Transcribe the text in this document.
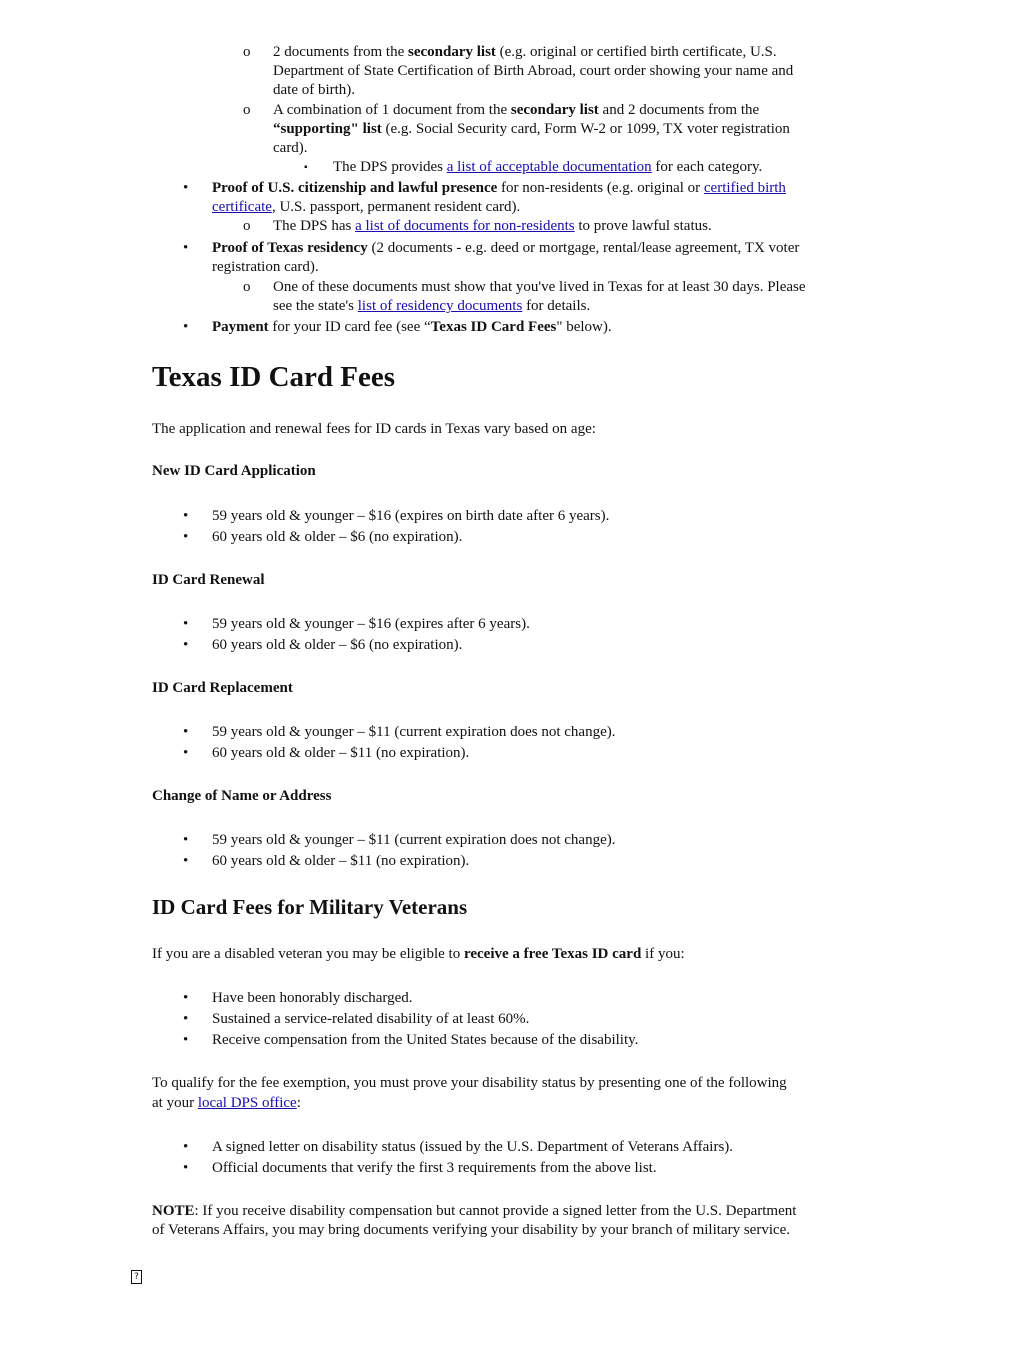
o 2 documents from the secondary list (e.g. original or certified birth certificate, U.S.
Department of State Certification of Birth Abroad, court order showing your name and
date of birth).
o A combination of 1 document from the secondary list and 2 documents from the
“supporting" list (e.g. Social Security card, Form W-2 or 1099, TX voter registration
card).
▪ The DPS provides a list of acceptable documentation for each category.
• Proof of U.S. citizenship and lawful presence for non-residents (e.g. original or certified birth
certificate, U.S. passport, permanent resident card).
o The DPS has a list of documents for non-residents to prove lawful status.
• Proof of Texas residency (2 documents - e.g. deed or mortgage, rental/lease agreement, TX voter
registration card).
o One of these documents must show that you've lived in Texas for at least 30 days. Please
see the state's list of residency documents for details.
• Payment for your ID card fee (see “Texas ID Card Fees" below).
Texas ID Card Fees
The application and renewal fees for ID cards in Texas vary based on age:
New ID Card Application
• 59 years old & younger – $16 (expires on birth date after 6 years).
• 60 years old & older – $6 (no expiration).
ID Card Renewal
• 59 years old & younger – $16 (expires after 6 years).
• 60 years old & older – $6 (no expiration).
ID Card Replacement
• 59 years old & younger – $11 (current expiration does not change).
• 60 years old & older – $11 (no expiration).
Change of Name or Address
• 59 years old & younger – $11 (current expiration does not change).
• 60 years old & older – $11 (no expiration).
ID Card Fees for Military Veterans
If you are a disabled veteran you may be eligible to receive a free Texas ID card if you:
• Have been honorably discharged.
• Sustained a service-related disability of at least 60%.
• Receive compensation from the United States because of the disability.
To qualify for the fee exemption, you must prove your disability status by presenting one of the following
at your local DPS office:
• A signed letter on disability status (issued by the U.S. Department of Veterans Affairs).
• Official documents that verify the first 3 requirements from the above list.
NOTE: If you receive disability compensation but cannot provide a signed letter from the U.S. Department
of Veterans Affairs, you may bring documents verifying your disability by your branch of military service.
?
